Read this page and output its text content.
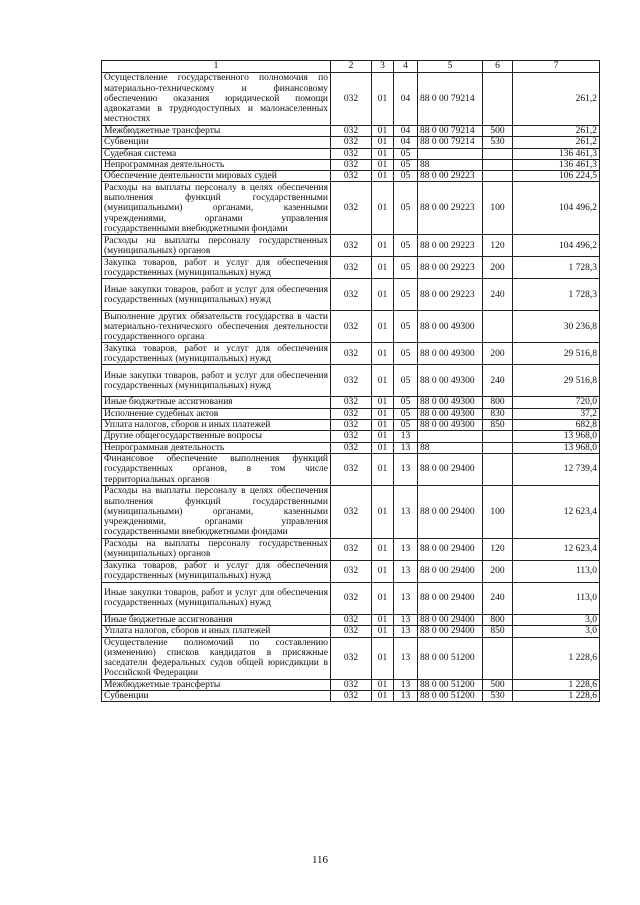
1	2	3	4	5	6	7
Осуществление государственного полномочия по материально-техническому и финансовому обеспечению оказания юридической помощи адвокатами в труднодоступных и малонаселенных местностях	032	01	04	88 0 00 79214		261,2
Межбюджетные трансферты	032	01	04	88 0 00 79214	500	261,2
Субвенции	032	01	04	88 0 00 79214	530	261,2
Судебная система	032	01	05			136 461,3
Непрограммная деятельность	032	01	05	88		136 461,3
Обеспечение деятельности мировых судей	032	01	05	88 0 00 29223		106 224,5
Расходы на выплаты персоналу в целях обеспечения выполнения функций государственными (муниципальными) органами, казенными учреждениями, органами управления государственными внебюджетными фондами	032	01	05	88 0 00 29223	100	104 496,2
Расходы на выплаты персоналу государственных (муниципальных) органов	032	01	05	88 0 00 29223	120	104 496,2
Закупка товаров, работ и услуг для обеспечения государственных (муниципальных) нужд	032	01	05	88 0 00 29223	200	1 728,3
Иные закупки товаров, работ и услуг для обеспечения государственных (муниципальных) нужд	032	01	05	88 0 00 29223	240	1 728,3
Выполнение других обязательств государства в части материально-технического обеспечения деятельности государственного органа	032	01	05	88 0 00 49300		30 236,8
Закупка товаров, работ и услуг для обеспечения государственных (муниципальных) нужд	032	01	05	88 0 00 49300	200	29 516,8
Иные закупки товаров, работ и услуг для обеспечения государственных (муниципальных) нужд	032	01	05	88 0 00 49300	240	29 516,8
Иные бюджетные ассигнования	032	01	05	88 0 00 49300	800	720,0
Исполнение судебных актов	032	01	05	88 0 00 49300	830	37,2
Уплата налогов, сборов и иных платежей	032	01	05	88 0 00 49300	850	682,8
Другие общегосударственные вопросы	032	01	13			13 968,0
Непрограммная деятельность	032	01	13	88		13 968,0
Финансовое обеспечение выполнения функций государственных органов, в том числе территориальных органов	032	01	13	88 0 00 29400		12 739,4
Расходы на выплаты персоналу в целях обеспечения выполнения функций государственными (муниципальными) органами, казенными учреждениями, органами управления государственными внебюджетными фондами	032	01	13	88 0 00 29400	100	12 623,4
Расходы на выплаты персоналу государственных (муниципальных) органов	032	01	13	88 0 00 29400	120	12 623,4
Закупка товаров, работ и услуг для обеспечения государственных (муниципальных) нужд	032	01	13	88 0 00 29400	200	113,0
Иные закупки товаров, работ и услуг для обеспечения государственных (муниципальных) нужд	032	01	13	88 0 00 29400	240	113,0
Иные бюджетные ассигнования	032	01	13	88 0 00 29400	800	3,0
Уплата налогов, сборов и иных платежей	032	01	13	88 0 00 29400	850	3,0
Осуществление полномочий по составлению (изменению) списков кандидатов в присяжные заседатели федеральных судов общей юрисдикции в Российской Федерации	032	01	13	88 0 00 51200		1 228,6
Межбюджетные трансферты	032	01	13	88 0 00 51200	500	1 228,6
Субвенции	032	01	13	88 0 00 51200	530	1 228,6
116
